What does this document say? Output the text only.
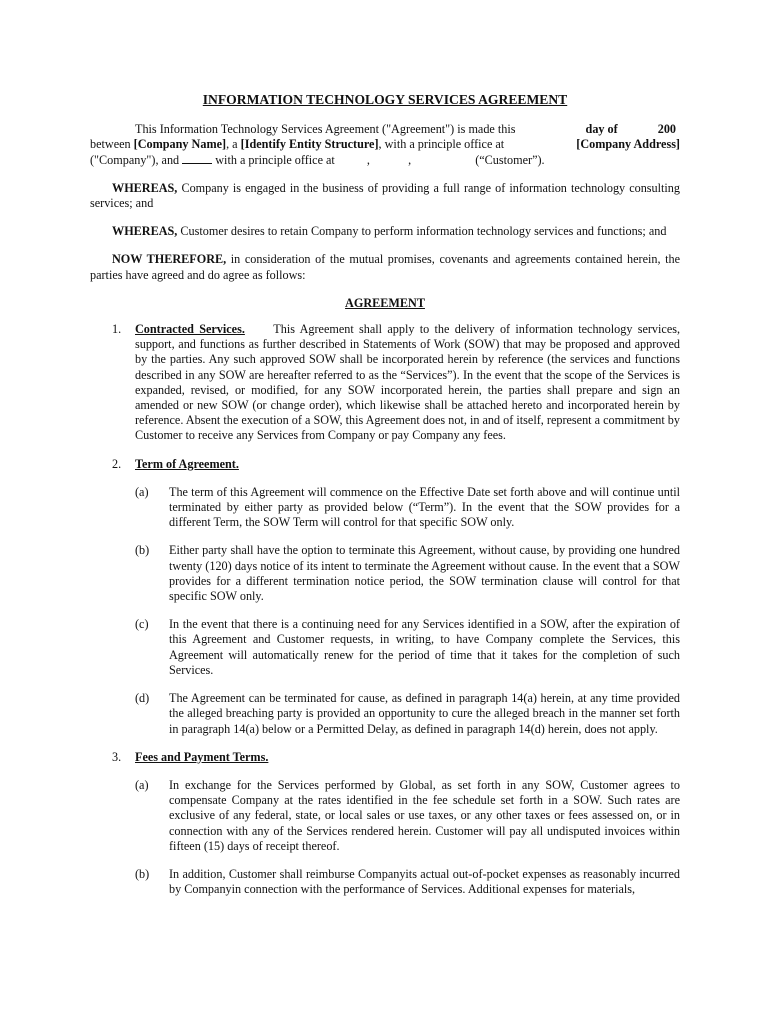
INFORMATION TECHNOLOGY SERVICES AGREEMENT
This Information Technology Services Agreement ("Agreement") is made this	day of	200
between
[Company Name] , a
[Identify Entity Structure] , with a principle office at	[Company Address]
("Company"), and	with a principle office at	,	,	(“Customer”).

WHEREAS, Company is engaged in the business of providing a full range of information technology consulting services; and

WHEREAS, Customer desires to retain Company to perform information technology services and functions; and

NOW THEREFORE, in consideration of the mutual promises, covenants and agreements contained herein, the parties have agreed and do agree as follows:

AGREEMENT
1.	Contracted Services. This Agreement shall apply to the delivery of information technology services, support, and functions as further described in Statements of Work (SOW) that may be proposed and approved by the parties. Any such approved SOW shall be incorporated herein by reference (the services and functions described in any SOW are hereafter referred to as the “Services”). In the event that the scope of the Services is expanded, revised, or modified, for any SOW incorporated herein, the parties shall prepare and sign an amended or new SOW (or change order), which likewise shall be attached hereto and incorporated herein by reference. Absent the execution of a SOW, this Agreement does not, in and of itself, represent a commitment by Customer to receive any Services from Company or pay Company any fees.
2.	Term of Agreement.
(a)	The term of this Agreement will commence on the Effective Date set forth above and will continue until terminated by either party as provided below (“Term”). In the event that the SOW provides for a different Term, the SOW Term will control for that specific SOW only.
(b)	Either party shall have the option to terminate this Agreement, without cause, by providing one hundred twenty (120) days notice of its intent to terminate the Agreement without cause. In the event that a SOW provides for a different termination notice period, the SOW termination clause will control for that specific SOW only.
(c)	In the event that there is a continuing need for any Services identified in a SOW, after the expiration of this Agreement and Customer requests, in writing, to have Company complete the Services, this Agreement will automatically renew for the period of time that it takes for the completion of such Services.
(d)	The Agreement can be terminated for cause, as defined in paragraph 14(a) herein, at any time provided the alleged breaching party is provided an opportunity to cure the alleged breach in the manner set forth in paragraph 14(a) below or a Permitted Delay, as defined in paragraph 14(d) herein, does not apply.
3.	Fees and Payment Terms.
(a)	In exchange for the Services performed by Global, as set forth in any SOW, Customer agrees to compensate Company at the rates identified in the fee schedule set forth in a SOW. Such rates are exclusive of any federal, state, or local sales or use taxes, or any other taxes or fees assessed on, or in connection with any of the Services rendered herein. Customer will pay all undisputed invoices within fifteen (15) days of receipt thereof.
(b)	In addition, Customer shall reimburse Companyits actual out-of-pocket expenses as reasonably incurred by Companyin connection with the performance of Services. Additional expenses for materials,
